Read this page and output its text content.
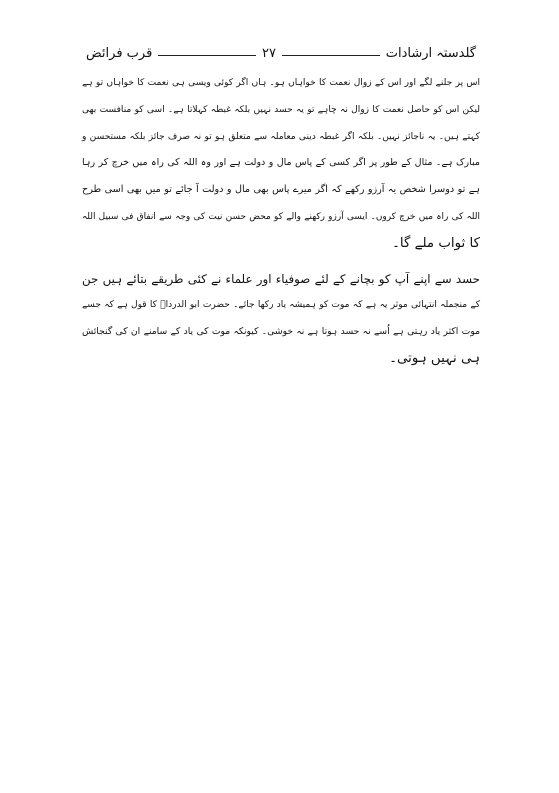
گلدستہ ارشادات
۲۷
قرب فرائض

اس پر جلنے لگے اور اس کے زوال نعمت کا خواہاں ہو۔ ہاں اگر کوئی ویسی ہی نعمت کا خواہاں تو ہے
لیکن اس کو حاصل نعمت کا زوال نہ چاہے تو یہ حسد نہیں بلکہ غبطہ کہلاتا ہے۔ اسی کو منافست بھی
کہتے ہیں۔ یہ ناجائز نہیں۔ بلکہ اگر غبطہ دینی معاملہ سے متعلق ہو تو نہ صرف جائز بلکہ مستحسن و
مبارک ہے۔ مثال کے طور پر اگر کسی کے پاس مال و دولت ہے اور وہ اللہ کی راہ میں خرچ کر رہا
ہے تو دوسرا شخص یہ آرزو رکھے کہ اگر میرے پاس بھی مال و دولت آ جائے تو میں بھی اسی طرح
اللہ کی راہ میں خرچ کروں۔ ایسی آرزو رکھنے والے کو محض حسن نیت کی وجہ سے انفاق فی سبیل اللہ
کا ثواب ملے گا۔

حسد سے اپنے آپ کو بچانے کے لئے صوفیاء اور علماء نے کئی طریقے بتائے ہیں جن
کے منجملہ انتہائی موثر یہ ہے کہ موت کو ہمیشہ یاد رکھا جائے۔ حضرت ابو الدرداؓ کا قول ہے کہ جسے
موت اکثر یاد رہتی ہے اُسے نہ حسد ہوتا ہے نہ خوشی۔ کیونکہ موت کی یاد کے سامنے ان کی گنجائش
ہی نہیں ہوتی۔
